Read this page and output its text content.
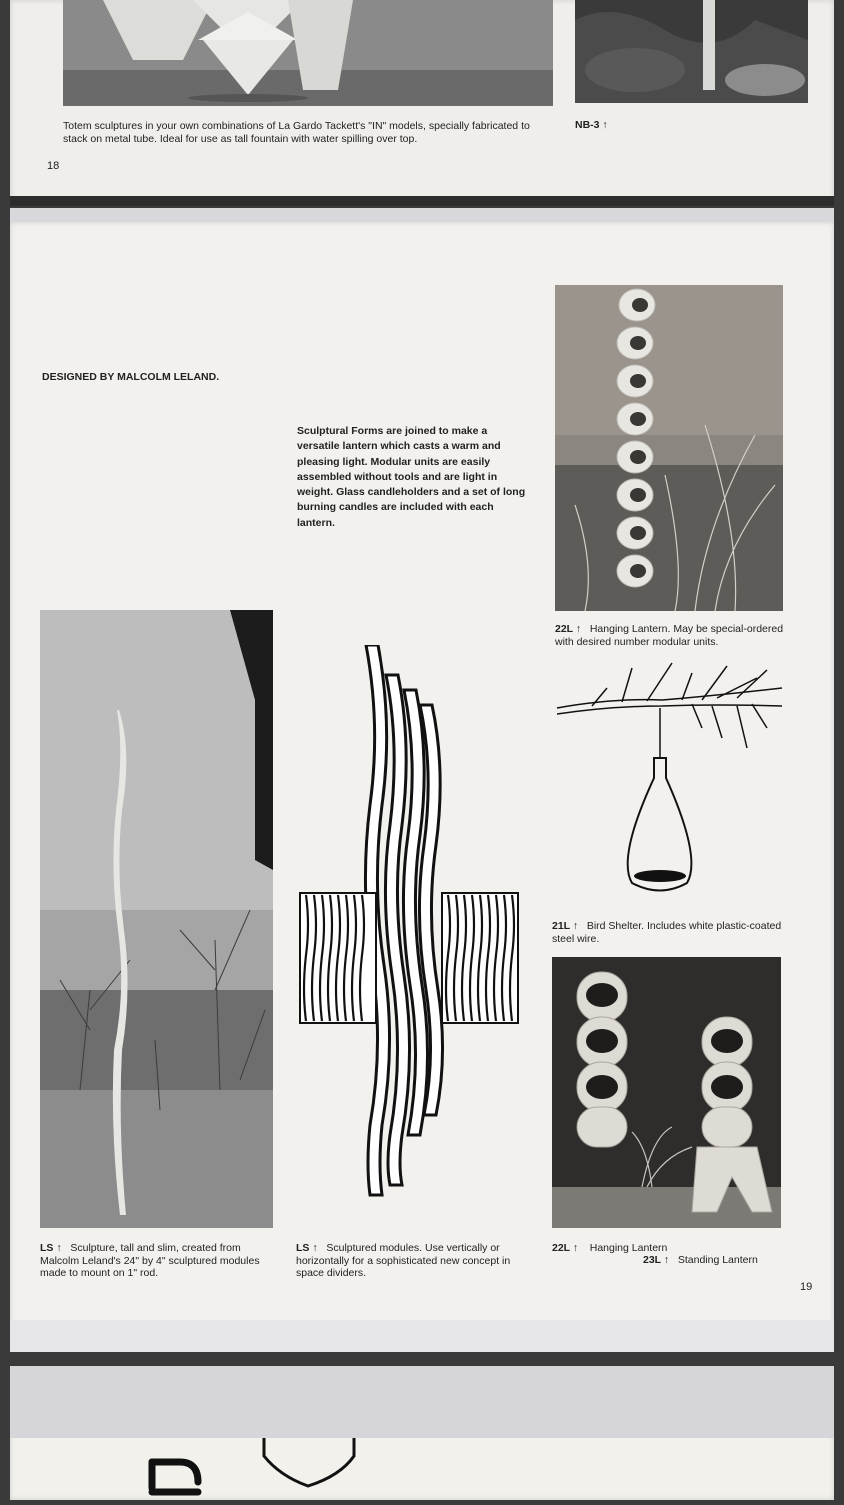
Totem sculptures in your own combinations of La Gardo Tackett's "IN" models, specially fabricated to stack on metal tube. Ideal for use as tall fountain with water spilling over top.
NB-3 ↑
18
DESIGNED BY MALCOLM LELAND.
Sculptural Forms are joined to make a versatile lantern which casts a warm and pleasing light. Modular units are easily assembled without tools and are light in weight. Glass candleholders and a set of long burning candles are included with each lantern.
22L ↑ Hanging Lantern. May be special-ordered with desired number modular units.
21L ↑ Bird Shelter. Includes white plastic-coated steel wire.
22L ↑ Hanging Lantern
23L ↑ Standing Lantern
LS ↑ Sculpture, tall and slim, created from Malcolm Leland's 24" by 4" sculptured modules made to mount on 1" rod.
LS ↑ Sculptured modules. Use vertically or horizontally for a sophisticated new concept in space dividers.
19
